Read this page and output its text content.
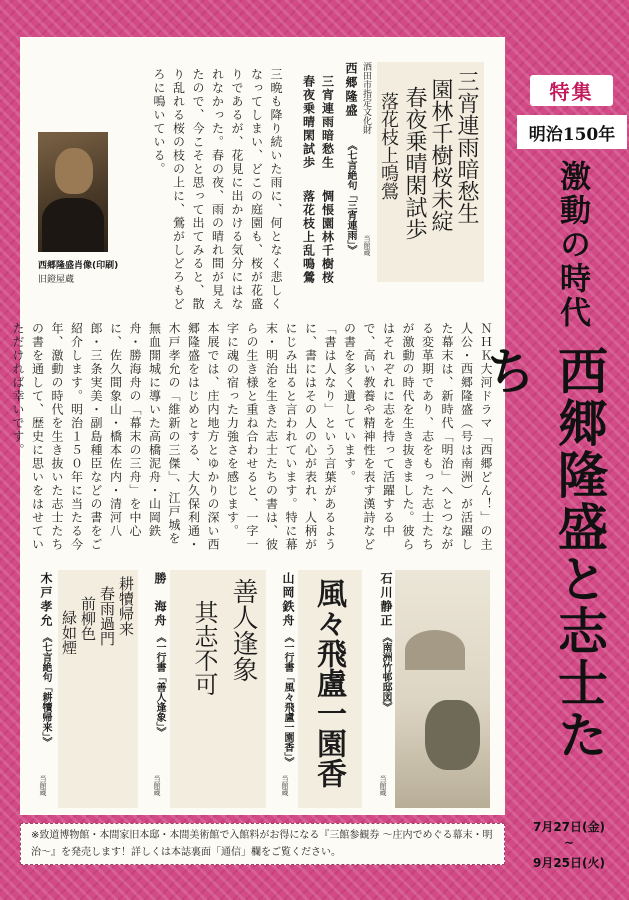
特集
明治150年
激動の時代
西郷隆盛と志士たち
7月27日(金)
~
9月25日(火)
三宵連雨暗愁生
園林千樹桜未綻
春夜乗晴閑試歩
落花枝上鳴鶯
当館蔵
酒田市指定文化財
西郷隆盛
《七言絶句「三宵連雨」》
三宵連雨暗愁生
惆悵園林千樹桜
春夜乗晴閑試歩
落花枝上乱鳴鶯
三晩も降り続いた雨に、何となく悲しくなってしまい、どこの庭園も、桜が花盛りであるが、花見に出かける気分にはなれなかった。春の夜、雨の晴れ間が見えたので、今こそと思って出てみると、散り乱れる桜の枝の上に、鶯がしどろもどろに鳴いている。
西郷隆盛肖像(印刷)
旧鐙屋蔵

ＮＨＫ大河ドラマ「西郷どん！」の主人公・西郷隆盛（号は南洲）が活躍した幕末は、新時代「明治」へとつながる変革期であり、志をもった志士たちが激動の時代を生き抜きました。彼らはそれぞれに志を持って活躍する中で、高い教養や精神性を表す漢詩などの書を多く遺しています。

「書は人なり」という言葉があるように、書にはその人の心が表れ、人柄がにじみ出ると言われています。特に幕末・明治を生きた志士たちの書は、彼らの生き様と重ね合わせると、一字一字に魂の宿った力強さを感じます。

本展では、庄内地方とゆかりの深い西郷隆盛をはじめとする、大久保利通・木戸孝允の「維新の三傑」、江戸城を無血開城に導いた高橋泥舟・山岡鉄舟・勝海舟の「幕末の三舟」を中心に、佐久間象山・橋本佐内・清河八郎・三条実美・副島種臣などの書をご紹介します。明治１５０年に当たる今年、激動の時代を生き抜いた志士たちの書を通して、歴史に思いをはせていただければ幸いです。

石川静正
《南洲竹邨邸図》
当館蔵
風々飛盧一園香
山岡鉄舟
《一行書「風々飛盧一園香」》
当館蔵
善人逢象
其志不可
勝　海舟
《一行書「善人逢象」》
当館蔵
耕犢帰来
春雨過門
前柳色
緑如煙
木戸孝允
《七言絶句「耕犢帰来」》
当館蔵
※致道博物館・本間家旧本邸・本間美術館で入館料がお得になる『三館参観券 ～庄内でめぐる幕末・明治～』を発売します！詳しくは本誌裏面「通信」欄をご覧ください。
